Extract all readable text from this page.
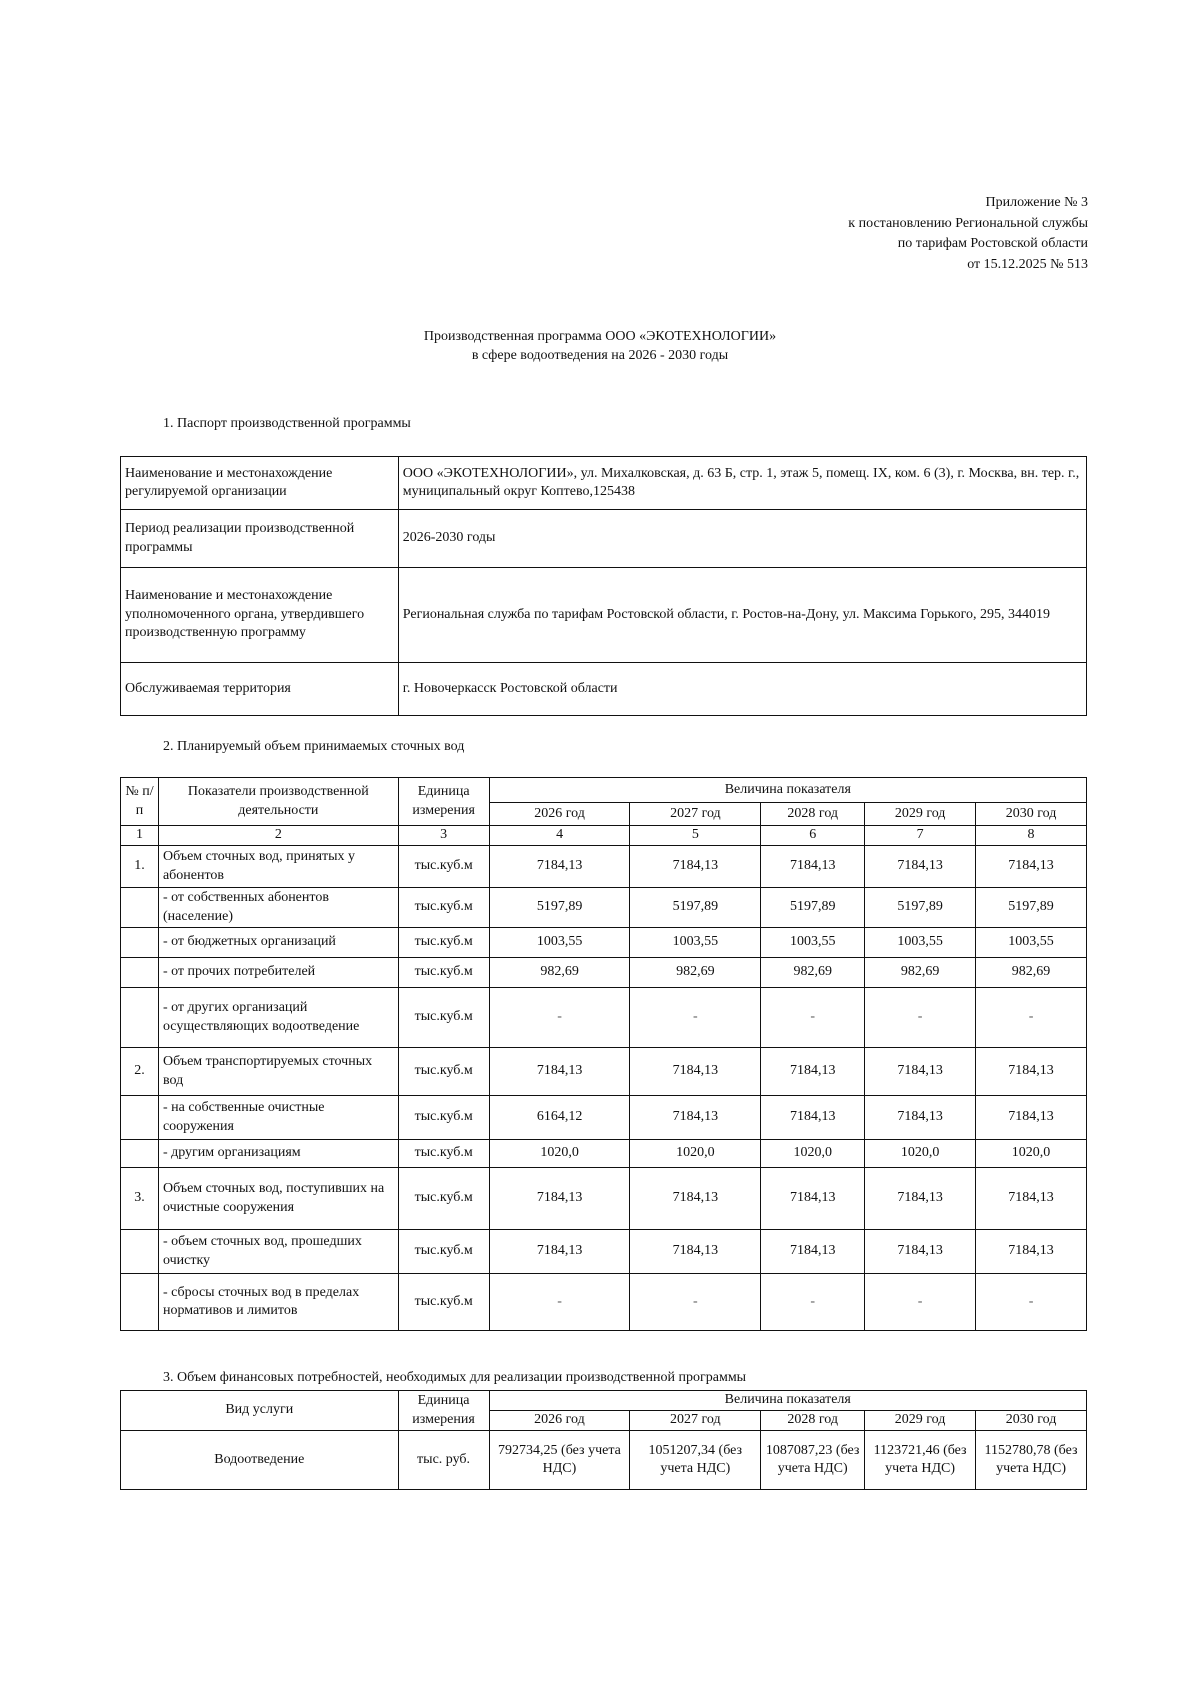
Приложение № 3
к постановлению Региональной службы
по тарифам Ростовской области
от 15.12.2025 № 513
Производственная программа ООО «ЭКОТЕХНОЛОГИИ»
в сфере водоотведения на 2026 - 2030 годы
1. Паспорт производственной программы
Наименование и местонахождение регулируемой организации	ООО «ЭКОТЕХНОЛОГИИ», ул. Михалковская, д. 63 Б, стр. 1, этаж 5, помещ. IX, ком. 6 (3), г. Москва, вн. тер. г., муниципальный округ Коптево,125438
Период реализации производственной программы	2026-2030 годы
Наименование и местонахождение уполномоченного органа, утвердившего производственную программу	Региональная служба по тарифам Ростовской области, г. Ростов-на-Дону, ул. Максима Горького, 295, 344019
Обслуживаемая территория	г. Новочеркасск Ростовской области
2. Планируемый объем принимаемых сточных вод
№ п/п	Показатели производственной деятельности	Единица измерения	Величина показателя				
			2026 год	2027 год	2028 год	2029 год	2030 год
1	2	3	4	5	6	7	8
1.	Объем сточных вод, принятых у абонентов	тыс.куб.м	7184,13	7184,13	7184,13	7184,13	7184,13
	- от собственных абонентов (население)	тыс.куб.м	5197,89	5197,89	5197,89	5197,89	5197,89
	- от бюджетных организаций	тыс.куб.м	1003,55	1003,55	1003,55	1003,55	1003,55
	- от прочих потребителей	тыс.куб.м	982,69	982,69	982,69	982,69	982,69
	- от других организаций осуществляющих водоотведение	тыс.куб.м	-	-	-	-	-
2.	Объем транспортируемых сточных вод	тыс.куб.м	7184,13	7184,13	7184,13	7184,13	7184,13
	- на собственные очистные сооружения	тыс.куб.м	6164,12	7184,13	7184,13	7184,13	7184,13
	- другим организациям	тыс.куб.м	1020,0	1020,0	1020,0	1020,0	1020,0
3.	Объем сточных вод, поступивших на очистные сооружения	тыс.куб.м	7184,13	7184,13	7184,13	7184,13	7184,13
	- объем сточных вод, прошедших очистку	тыс.куб.м	7184,13	7184,13	7184,13	7184,13	7184,13
	- сбросы сточных вод в пределах нормативов и лимитов	тыс.куб.м	-	-	-	-	-
3. Объем финансовых потребностей, необходимых для реализации производственной программы
Вид услуги	Единица измерения	Величина показателя				
		2026 год	2027 год	2028 год	2029 год	2030 год
Водоотведение	тыс. руб.	792734,25 (без учета НДС)	1051207,34 (без учета НДС)	1087087,23 (без учета НДС)	1123721,46 (без учета НДС)	1152780,78 (без учета НДС)
